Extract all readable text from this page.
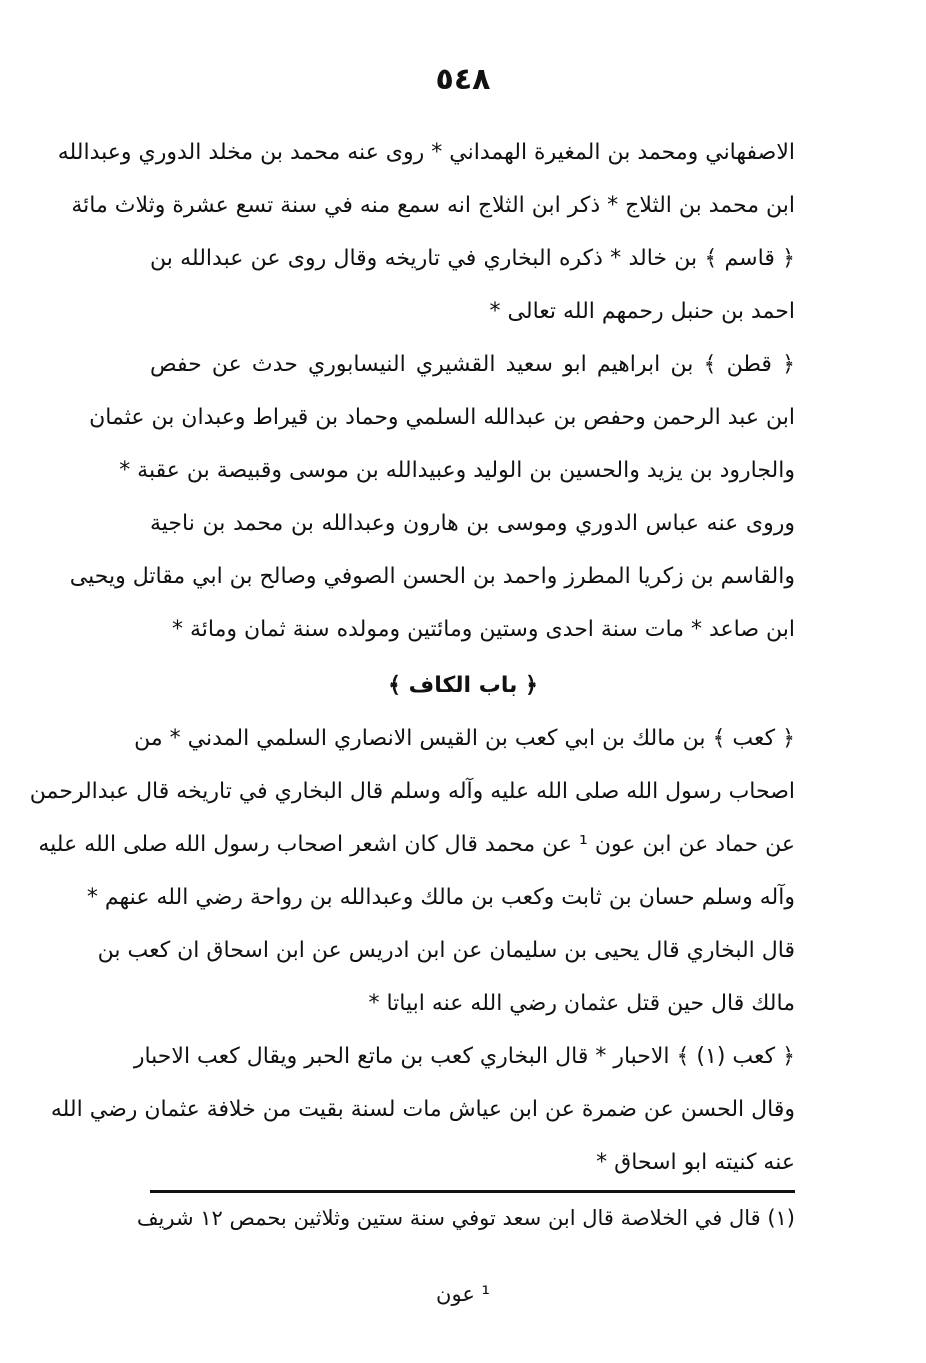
٥٤٨
الاصفهاني ومحمد بن المغيرة الهمداني * روى عنه محمد بن مخلد الدوري وعبدالله
ابن محمد بن الثلاج * ذكر ابن الثلاج انه سمع منه في سنة تسع عشرة وثلاث مائة
﴿ قاسم ﴾ بن خالد * ذكره البخاري في تاريخه وقال روى عن عبدالله بن
احمد بن حنبل رحمهم الله تعالى *
﴿ قطن ﴾ بن ابراهيم ابو سعيد القشيري النيسابوري حدث عن حفص
ابن عبد الرحمن وحفص بن عبدالله السلمي وحماد بن قيراط وعبدان بن عثمان
والجارود بن يزيد والحسين بن الوليد وعبيدالله بن موسى وقبيصة بن عقبة *
وروى عنه عباس الدوري وموسى بن هارون وعبدالله بن محمد بن ناجية
والقاسم بن زكريا المطرز واحمد بن الحسن الصوفي وصالح بن ابي مقاتل ويحيى
ابن صاعد * مات سنة احدى وستين ومائتين ومولده سنة ثمان ومائة *
﴿ باب الكاف ﴾
﴿ كعب ﴾ بن مالك بن ابي كعب بن القيس الانصاري السلمي المدني * من
اصحاب رسول الله صلى الله عليه وآله وسلم قال البخاري في تاريخه قال عبدالرحمن
عن حماد عن ابن عون ¹ عن محمد قال كان اشعر اصحاب رسول الله صلى الله عليه
وآله وسلم حسان بن ثابت وكعب بن مالك وعبدالله بن رواحة رضي الله عنهم *
قال البخاري قال يحيى بن سليمان عن ابن ادريس عن ابن اسحاق ان كعب بن
مالك قال حين قتل عثمان رضي الله عنه ابياتا *
﴿ كعب (١) ﴾ الاحبار * قال البخاري كعب بن ماتع الحبر ويقال كعب الاحبار
وقال الحسن عن ضمرة عن ابن عياش مات لسنة بقيت من خلافة عثمان رضي الله
عنه كنيته ابو اسحاق *
(١) قال في الخلاصة قال ابن سعد توفي سنة ستين وثلاثين بحمص ١٢ شريف
¹ عون
